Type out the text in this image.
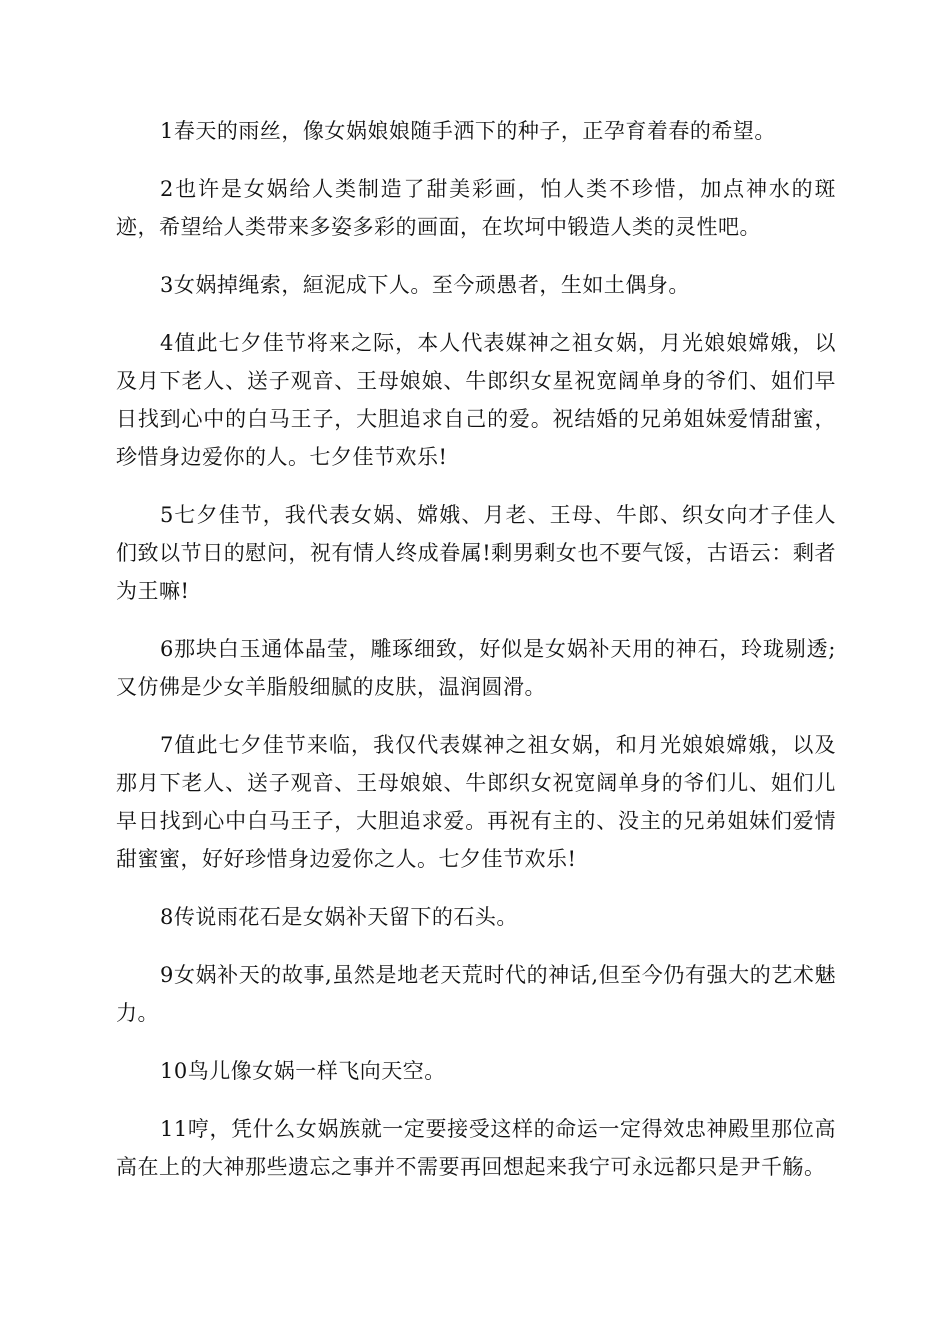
1春天的雨丝，像女娲娘娘随手洒下的种子，正孕育着春的希望。

2也许是女娲给人类制造了甜美彩画，怕人类不珍惜，加点神水的斑迹，希望给人类带来多姿多彩的画面，在坎坷中锻造人类的灵性吧。

3女娲掉绳索，絙泥成下人。至今顽愚者，生如土偶身。

4值此七夕佳节将来之际，本人代表媒神之祖女娲，月光娘娘嫦娥，以及月下老人、送子观音、王母娘娘、牛郎织女星祝宽阔单身的爷们、姐们早日找到心中的白马王子，大胆追求自己的爱。祝结婚的兄弟姐妹爱情甜蜜，珍惜身边爱你的人。七夕佳节欢乐!

5七夕佳节，我代表女娲、嫦娥、月老、王母、牛郎、织女向才子佳人们致以节日的慰问，祝有情人终成眷属!剩男剩女也不要气馁，古语云：剩者为王嘛!

6那块白玉通体晶莹，雕琢细致，好似是女娲补天用的神石，玲珑剔透;又仿佛是少女羊脂般细腻的皮肤，温润圆滑。

7值此七夕佳节来临，我仅代表媒神之祖女娲，和月光娘娘嫦娥，以及那月下老人、送子观音、王母娘娘、牛郎织女祝宽阔单身的爷们儿、姐们儿早日找到心中白马王子，大胆追求爱。再祝有主的、没主的兄弟姐妹们爱情甜蜜蜜，好好珍惜身边爱你之人。七夕佳节欢乐!

8传说雨花石是女娲补天留下的石头。

9女娲补天的故事,虽然是地老天荒时代的神话,但至今仍有强大的艺术魅力。

10鸟儿像女娲一样飞向天空。

11哼，凭什么女娲族就一定要接受这样的命运一定得效忠神殿里那位高高在上的大神那些遗忘之事并不需要再回想起来我宁可永远都只是尹千觞。
